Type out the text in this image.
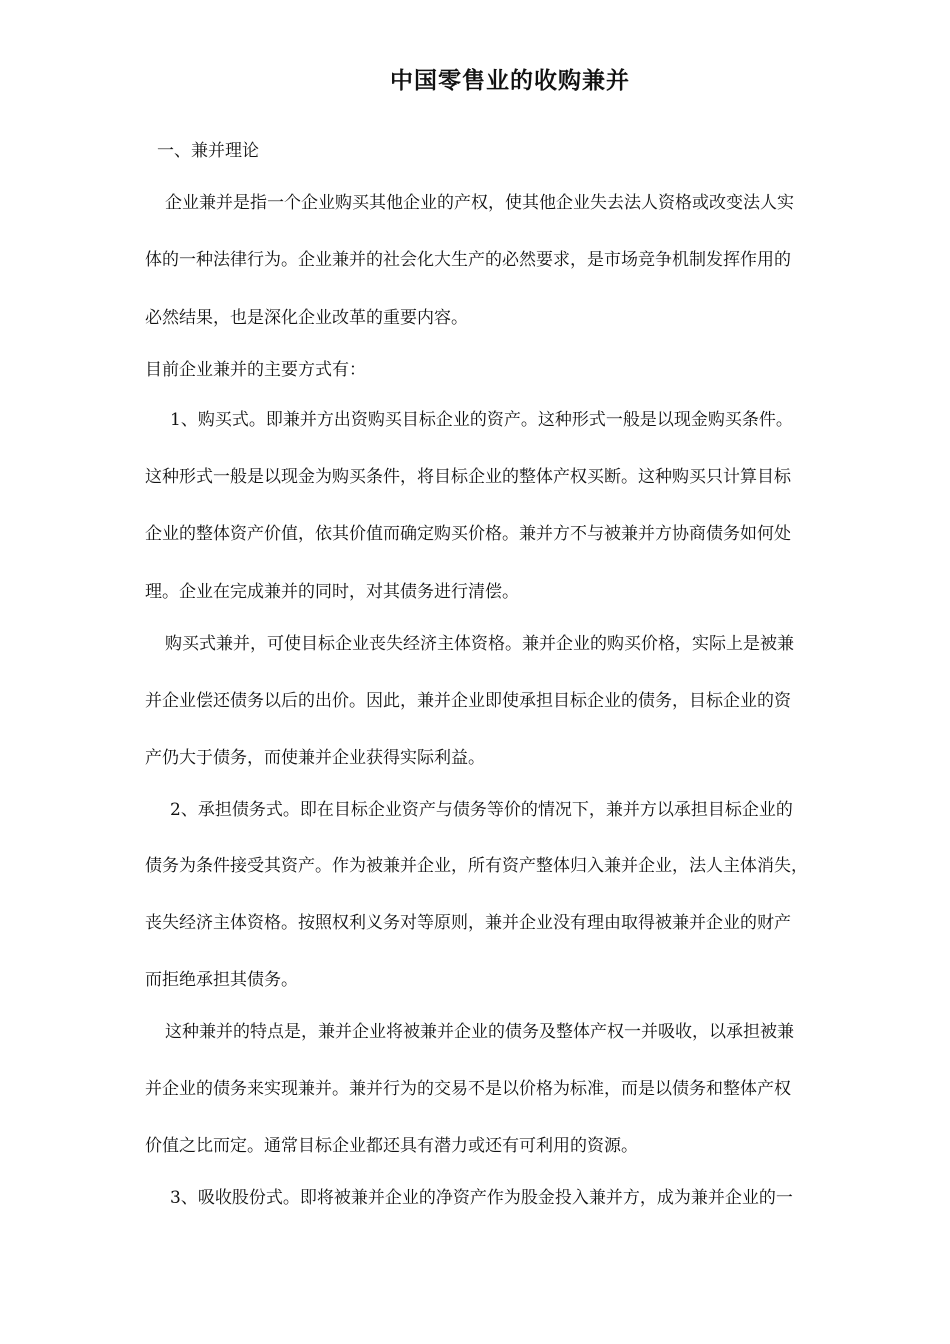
中国零售业的收购兼并
一、兼并理论
企业兼并是指一个企业购买其他企业的产权，使其他企业失去法人资格或改变法人实
体的一种法律行为。企业兼并的社会化大生产的必然要求，是市场竞争机制发挥作用的
必然结果，也是深化企业改革的重要内容。
目前企业兼并的主要方式有：
1、购买式。即兼并方出资购买目标企业的资产。这种形式一般是以现金购买条件。
这种形式一般是以现金为购买条件，将目标企业的整体产权买断。这种购买只计算目标
企业的整体资产价值，依其价值而确定购买价格。兼并方不与被兼并方协商债务如何处
理。企业在完成兼并的同时，对其债务进行清偿。
购买式兼并，可使目标企业丧失经济主体资格。兼并企业的购买价格，实际上是被兼
并企业偿还债务以后的出价。因此，兼并企业即使承担目标企业的债务，目标企业的资
产仍大于债务，而使兼并企业获得实际利益。
2、承担债务式。即在目标企业资产与债务等价的情况下，兼并方以承担目标企业的
债务为条件接受其资产。作为被兼并企业，所有资产整体归入兼并企业，法人主体消失，
丧失经济主体资格。按照权利义务对等原则，兼并企业没有理由取得被兼并企业的财产
而拒绝承担其债务。
这种兼并的特点是，兼并企业将被兼并企业的债务及整体产权一并吸收，以承担被兼
并企业的债务来实现兼并。兼并行为的交易不是以价格为标准，而是以债务和整体产权
价值之比而定。通常目标企业都还具有潜力或还有可利用的资源。
3、吸收股份式。即将被兼并企业的净资产作为股金投入兼并方，成为兼并企业的一
